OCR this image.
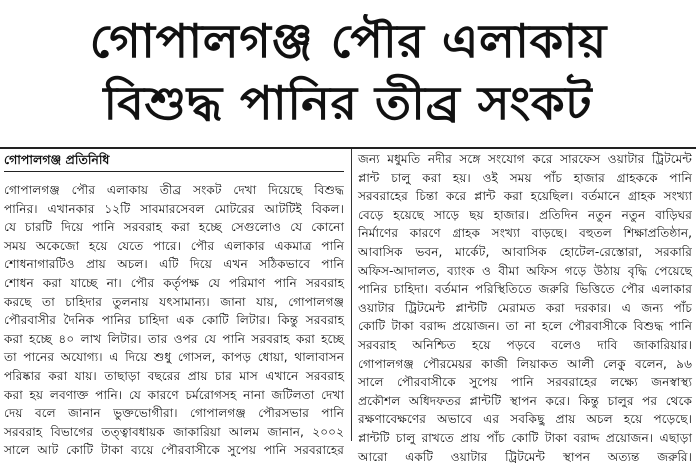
গোপালগঞ্জ পৌর এলাকায়
বিশুদ্ধ পানির তীব্র সংকট
গোপালগঞ্জ প্রতিনিধি
গোপালগঞ্জ পৌর এলাকায় তীব্র সংকট দেখা দিয়েছে বিশুদ্ধ
পানির। এখানকার ১২টি সাবমারসেবল মোটরের আটটিই বিকল।
যে চারটি দিয়ে পানি সরবরাহ করা হচ্ছে সেগুলোও যে কোনো
সময় অকেজো হয়ে যেতে পারে। পৌর এলাকার একমাত্র পানি
শোধনাগারটিও প্রায় অচল। এটি দিয়ে এখন সঠিকভাবে পানি
শোধন করা যাচ্ছে না। পৌর কর্তৃপক্ষ যে পরিমাণ পানি সরবরাহ
করছে তা চাহিদার তুলনায় যৎসামান্য। জানা যায়, গোপালগঞ্জ
পৌরবাসীর দৈনিক পানির চাহিদা এক কোটি লিটার। কিন্তু সরবরাহ
করা হচ্ছে ৪০ লাখ লিটার। তার ওপর যে পানি সরবরাহ করা হচ্ছে
তা পানের অযোগ্য। এ দিয়ে শুধু গোসল, কাপড় ধোয়া, থালাবাসন
পরিষ্কার করা যায়। তাছাড়া বছরের প্রায় চার মাস এখানে সরবরাহ
করা হয় লবণাক্ত পানি। যে কারণে চর্মরোগসহ নানা জটিলতা দেখা
দেয় বলে জানান ভুক্তভোগীরা। গোপালগঞ্জ পৌরসভার পানি
সরবরাহ বিভাগের তত্ত্বাবধায়ক জাকারিয়া আলম জানান, ২০০২
সালে আট কোটি টাকা ব্যয়ে পৌরবাসীকে সুপেয় পানি সরবরাহের
জন্য মধুমতি নদীর সঙ্গে সংযোগ করে সারফেস ওয়াটার ট্রিটমেন্ট
প্লান্ট চালু করা হয়। ওই সময় পাঁচ হাজার গ্রাহককে পানি
সরবরাহের চিন্তা করে প্লান্ট করা হয়েছিল। বর্তমানে গ্রাহক সংখ্যা
বেড়ে হয়েছে সাড়ে ছয় হাজার। প্রতিদিন নতুন নতুন বাড়িঘর
নির্মাণের কারণে গ্রাহক সংখ্যা বাড়ছে। বহুতল শিক্ষাপ্রতিষ্ঠান,
আবাসিক ভবন, মার্কেট, আবাসিক হোটেল-রেস্তোরা, সরকারি
অফিস-আদালত, ব্যাংক ও বীমা অফিস গড়ে উঠায় বৃদ্ধি পেয়েছে
পানির চাহিদা। বর্তমান পরিস্থিতিতে জরুরি ভিত্তিতে পৌর এলাকার
ওয়াটার ট্রিটমেন্ট প্লান্টটি মেরামত করা দরকার। এ জন্য পাঁচ
কোটি টাকা বরাদ্দ প্রয়োজন। তা না হলে পৌরবাসীকে বিশুদ্ধ পানি
সরবরাহ অনিশ্চিত হয়ে পড়বে বলেও দাবি জাকারিয়ার।
গোপালগঞ্জ পৌরমেয়র কাজী লিয়াকত আলী লেকু বলেন, ৯৬
সালে পৌরবাসীকে সুপেয় পানি সরবরাহের লক্ষ্যে জনস্বাস্থ্য
প্রকৌশল অধিদফতর প্লান্টটি স্থাপন করে। কিন্তু চালুর পর থেকে
রক্ষণাবেক্ষণের অভাবে এর সবকিছু প্রায় অচল হয়ে পড়েছে।
প্লান্টটি চালু রাখতে প্রায় পাঁচ কোটি টাকা বরাদ্দ প্রয়োজন। এছাড়া
আরো একটি ওয়াটার ট্রিটমেন্ট স্থাপন অত্যন্ত জরুরি।
